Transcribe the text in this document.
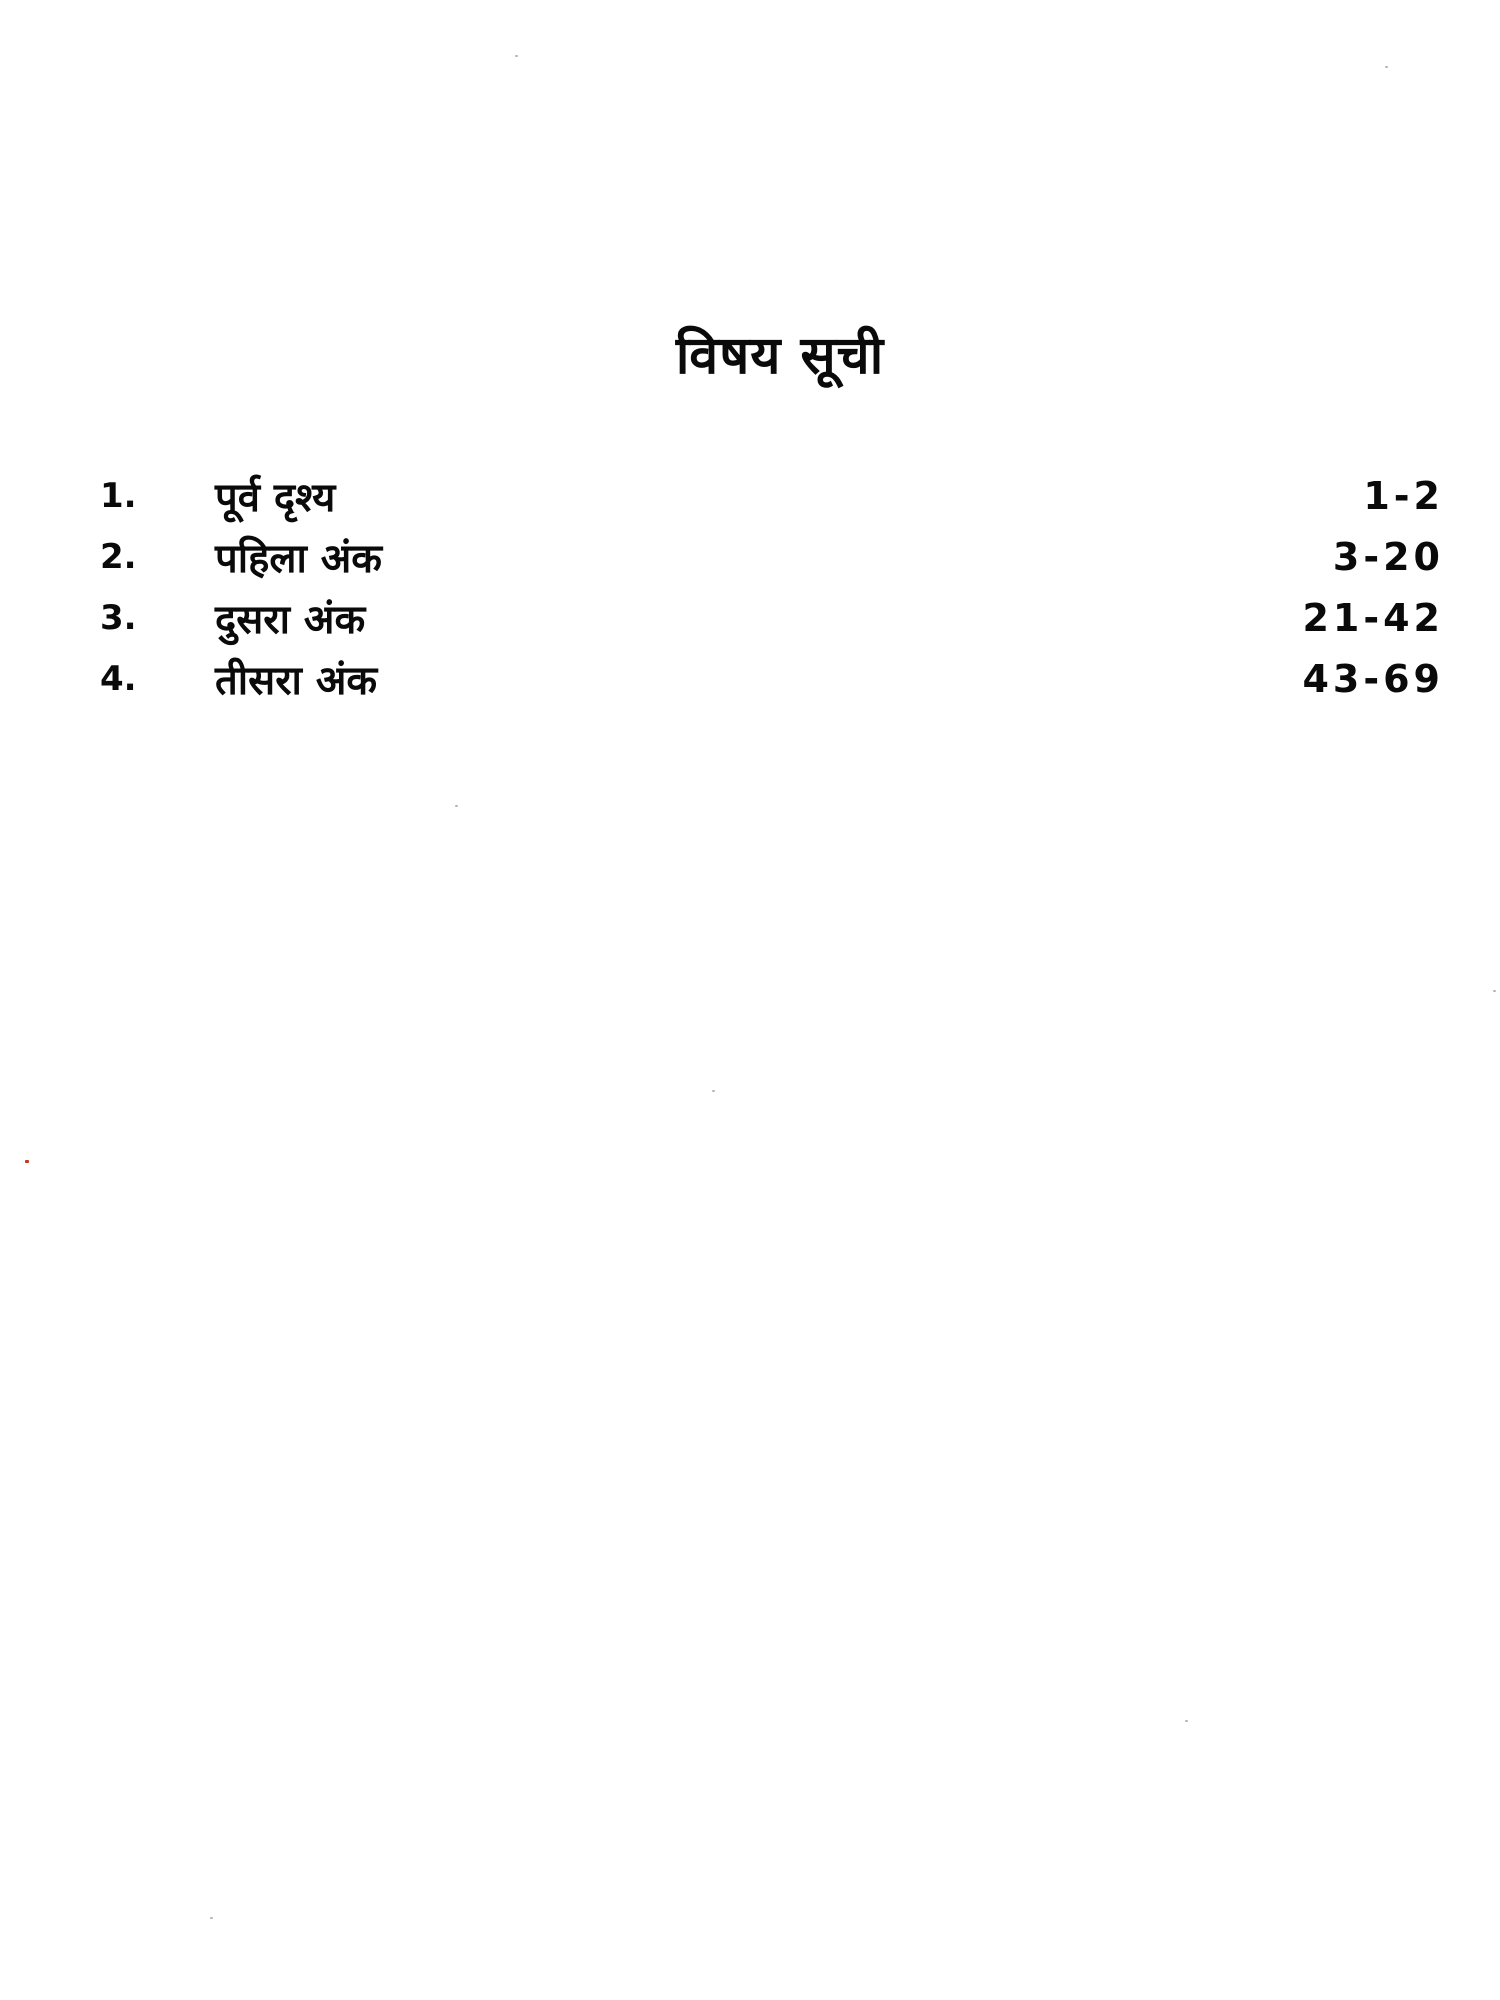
विषय सूची
1.	पूर्व दृश्य	1-2
2.	पहिला अंक	3-20
3.	दुसरा अंक	21-42
4.	तीसरा अंक	43-69
